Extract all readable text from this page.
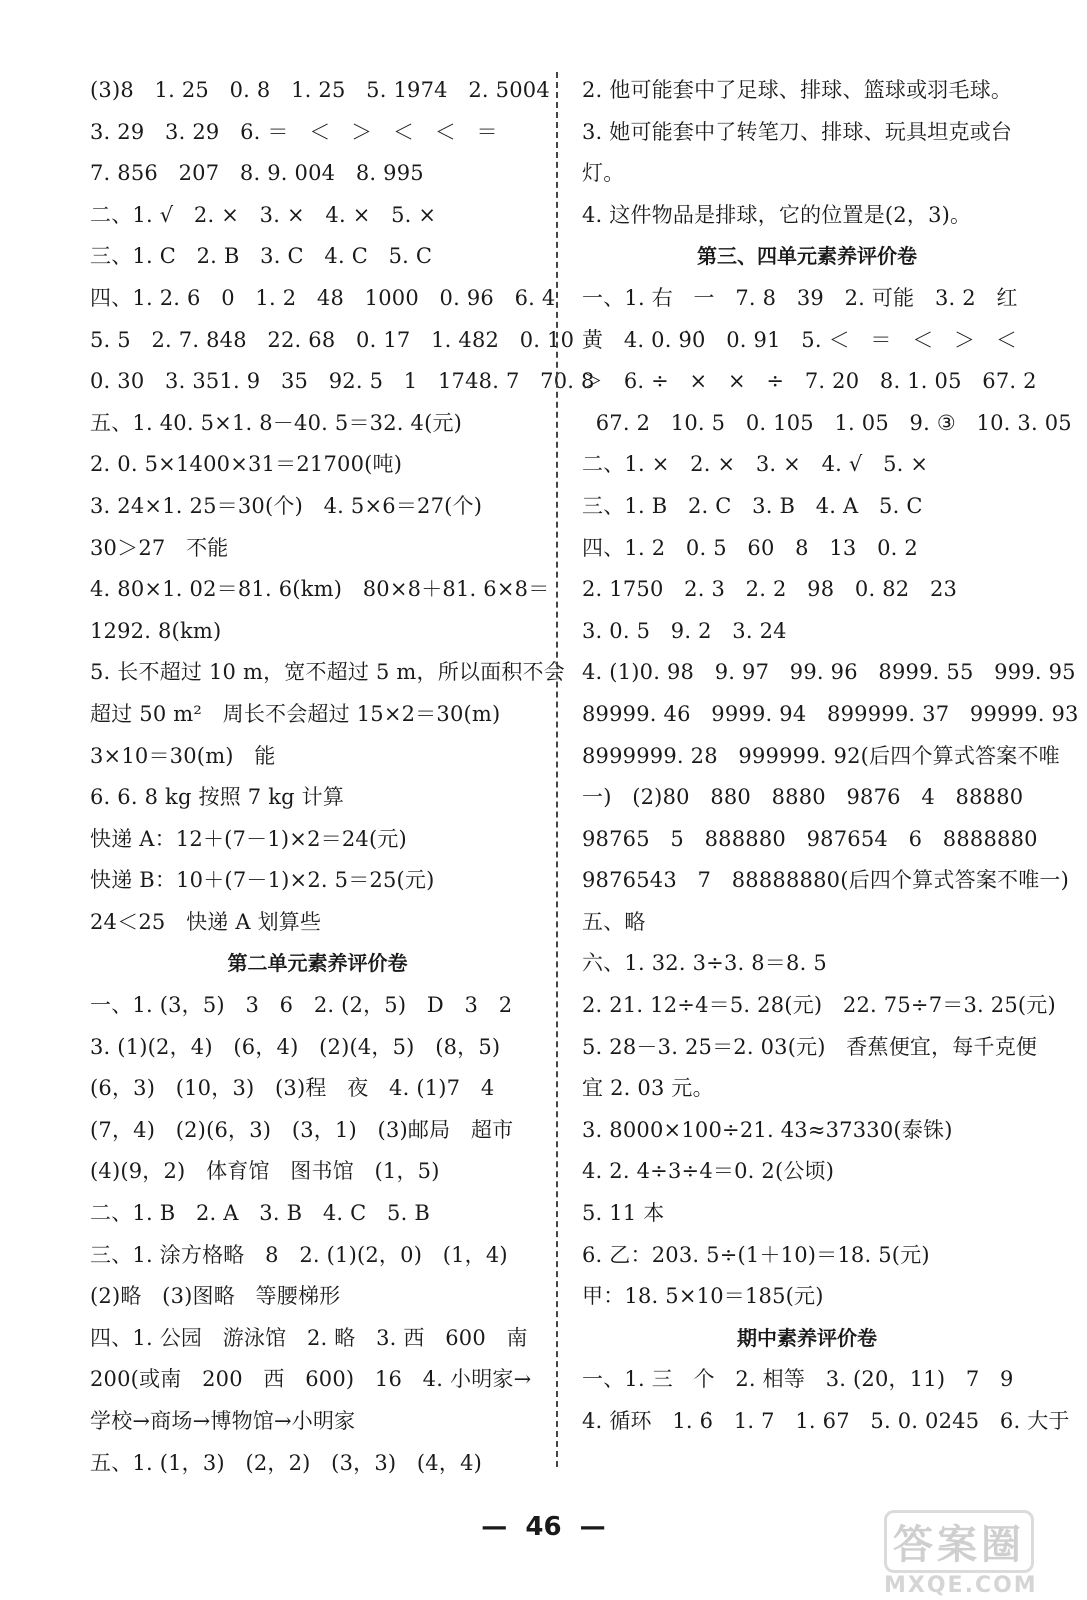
(3)8   1. 25   0. 8   1. 25   5. 1974   2. 5004
3. 29   3. 29   6. ＝   ＜   ＞   ＜   ＜   ＝
7. 856   207   8. 9. 004   8. 995
二、1. √   2. ×   3. ×   4. ×   5. ×
三、1. C   2. B   3. C   4. C   5. C
四、1. 2. 6   0   1. 2   48   1000   0. 96   6. 4
5. 5   2. 7. 848   22. 68   0. 17   1. 482   0. 10
0. 30   3. 351. 9   35   92. 5   1   1748. 7   70. 8
五、1. 40. 5×1. 8－40. 5＝32. 4(元)
2. 0. 5×1400×31＝21700(吨)
3. 24×1. 25＝30(个)   4. 5×6＝27(个)
30＞27   不能
4. 80×1. 02＝81. 6(km)   80×8＋81. 6×8＝
1292. 8(km)
5. 长不超过 10 m，宽不超过 5 m，所以面积不会
超过 50 m²   周长不会超过 15×2＝30(m)
3×10＝30(m)   能
6. 6. 8 kg 按照 7 kg 计算
快递 A：12＋(7－1)×2＝24(元)
快递 B：10＋(7－1)×2. 5＝25(元)
24＜25   快递 A 划算些
第二单元素养评价卷
一、1. (3，5)   3   6   2. (2，5)   D   3   2
3. (1)(2，4)   (6，4)   (2)(4，5)   (8，5)
(6，3)   (10，3)   (3)程   夜   4. (1)7   4
(7，4)   (2)(6，3)   (3，1)   (3)邮局   超市
(4)(9，2)   体育馆   图书馆   (1，5)
二、1. B   2. A   3. B   4. C   5. B
三、1. 涂方格略   8   2. (1)(2，0)   (1，4)
(2)略   (3)图略   等腰梯形
四、1. 公园   游泳馆   2. 略   3. 西   600   南
200(或南   200   西   600)   16   4. 小明家→
学校→商场→博物馆→小明家
五、1. (1，3)   (2，2)   (3，3)   (4，4)
2. 他可能套中了足球、排球、篮球或羽毛球。
3. 她可能套中了转笔刀、排球、玩具坦克或台
灯。
4. 这件物品是排球，它的位置是(2，3)。
第三、四单元素养评价卷
一、1. 右   一   7. 8   39   2. 可能   3. 2   红
黄   4. 0. 9̇0̇   0. 91   5. ＜   ＝   ＜   ＞   ＜
＞   6. ÷   ×   ×   ÷   7. 20   8. 1. 05   67. 2
67. 2   10. 5   0. 105   1. 05   9. ③   10. 3. 05
二、1. ×   2. ×   3. ×   4. √   5. ×
三、1. B   2. C   3. B   4. A   5. C
四、1. 2   0. 5   60   8   13   0. 2
2. 1750   2. 3   2. 2   98   0. 82   23
3. 0. 5   9. 2   3. 24
4. (1)0. 98   9. 97   99. 96   8999. 55   999. 95
89999. 46   9999. 94   899999. 37   99999. 93
8999999. 28   999999. 92(后四个算式答案不唯
一)   (2)80   880   8880   9876   4   88880
98765   5   888880   987654   6   8888880
9876543   7   88888880(后四个算式答案不唯一)
五、略
六、1. 32. 3÷3. 8＝8. 5
2. 21. 12÷4＝5. 28(元)   22. 75÷7＝3. 25(元)
5. 28－3. 25＝2. 03(元)   香蕉便宜，每千克便
宜 2. 03 元。
3. 8000×100÷21. 43≈37330(泰铢)
4. 2. 4÷3÷4＝0. 2(公顷)
5. 11 本
6. 乙：203. 5÷(1＋10)＝18. 5(元)
甲：18. 5×10＝185(元)
期中素养评价卷
一、1. 三   个   2. 相等   3. (20，11)   7   9
4. 循环   1. 6̇   1. 7   1. 67   5. 0. 0245   6. 大于
—  46  —	答案圈
MXQE.COM
